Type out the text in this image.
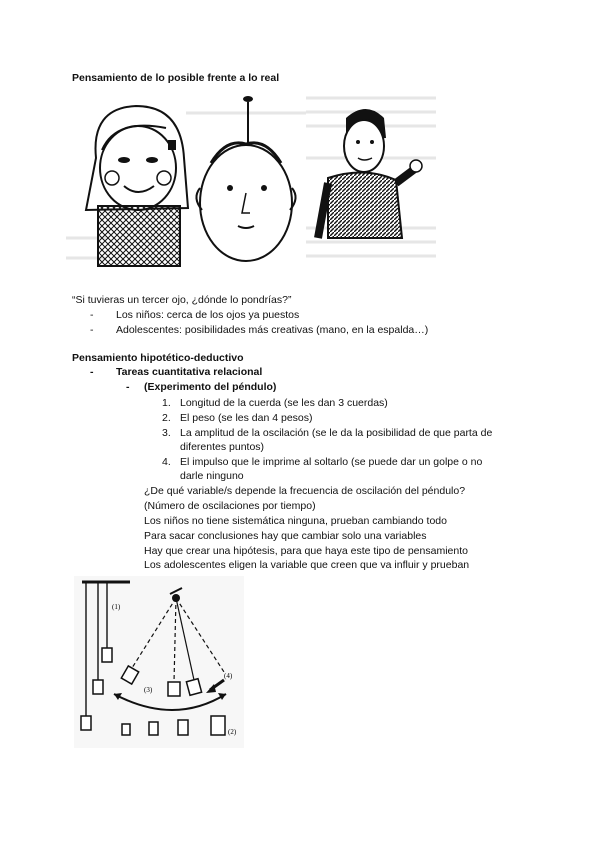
Pensamiento de lo posible frente a lo real
“Si tuvieras un tercer ojo, ¿dónde lo pondrías?”
- Los niños: cerca de los ojos ya puestos
- Adolescentes: posibilidades más creativas (mano, en la espalda…)
Pensamiento hipotético-deductivo
- Tareas cuantitativa relacional
- (Experimento del péndulo)
1. Longitud de la cuerda (se les dan 3 cuerdas)
2. El peso (se les dan 4 pesos)
3. La amplitud de la oscilación (se le da la posibilidad de que parta de
diferentes puntos)
4. El impulso que le imprime al soltarlo (se puede dar un golpe o no
darle ninguno
¿De qué variable/s depende la frecuencia de oscilación del péndulo?
(Número de oscilaciones por tiempo)
Los niños no tiene sistemática ninguna, prueban cambiando todo
Para sacar conclusiones hay que cambiar solo una variables
Hay que crear una hipótesis, para que haya este tipo de pensamiento
Los adolescentes eligen la variable que creen que va influir y prueban
(1)
(3)
(4)
(2)
